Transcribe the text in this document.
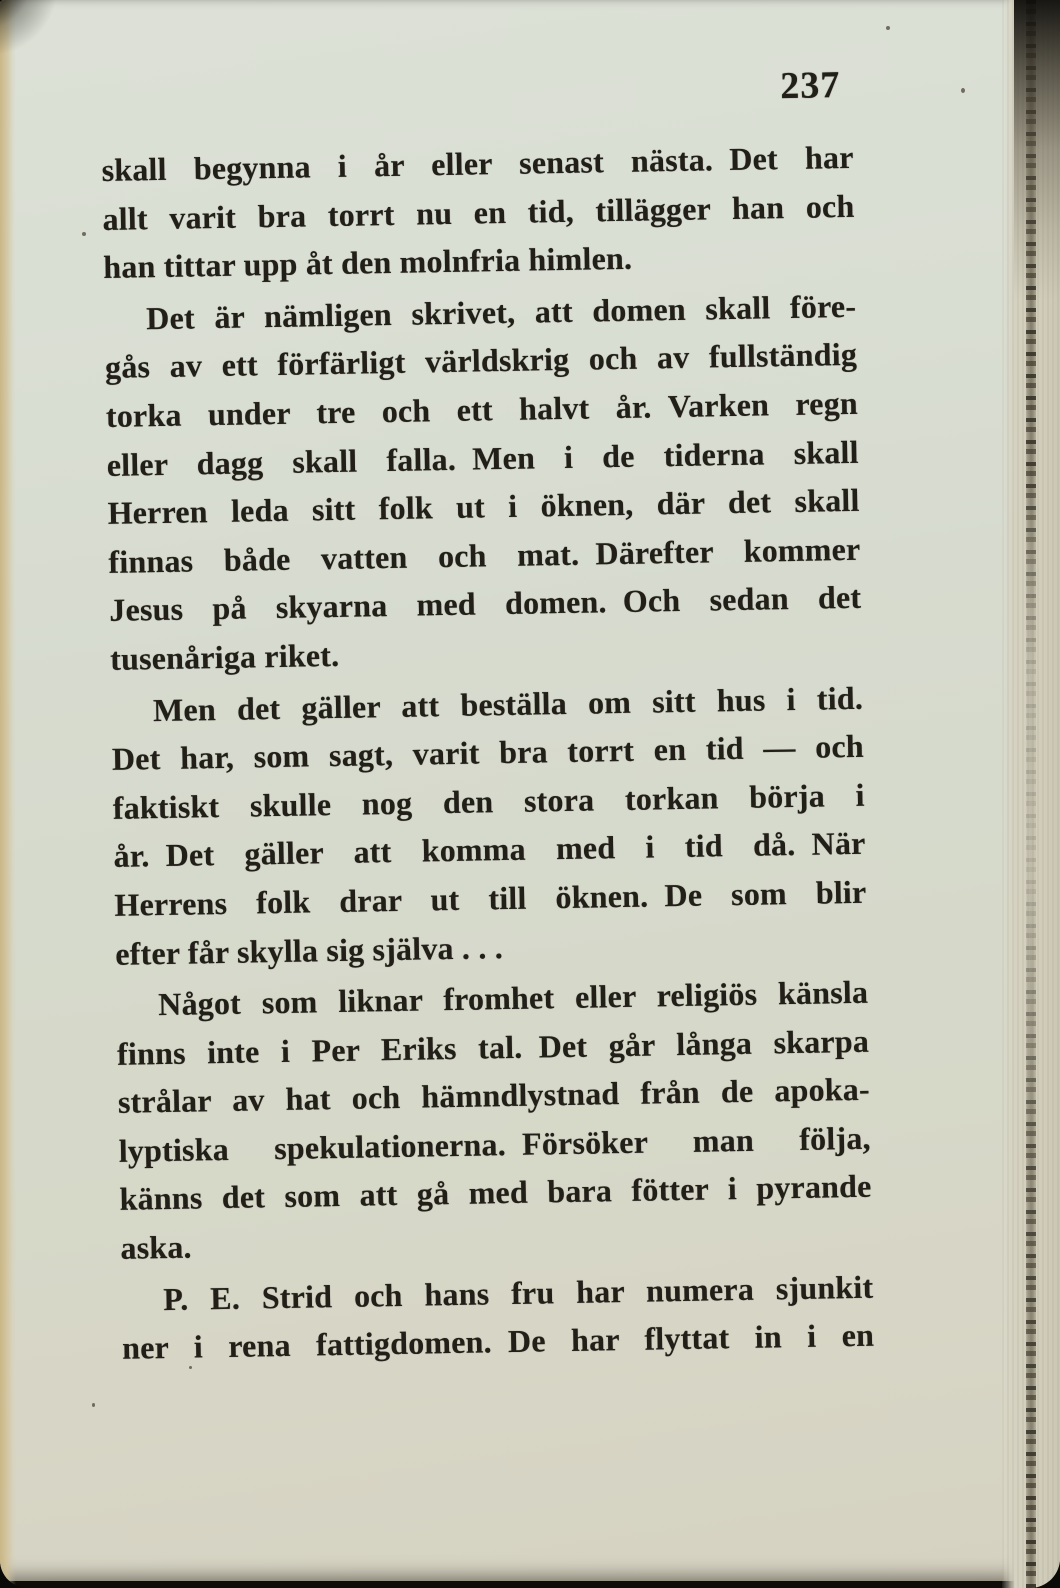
237
skall begynna i år eller senast nästa. Det har
allt varit bra torrt nu en tid, tillägger han och
han tittar upp åt den molnfria himlen.
Det är nämligen skrivet, att domen skall före-
gås av ett förfärligt världskrig och av fullständig
torka under tre och ett halvt år. Varken regn
eller dagg skall falla. Men i de tiderna skall
Herren leda sitt folk ut i öknen, där det skall
finnas både vatten och mat. Därefter kommer
Jesus på skyarna med domen. Och sedan det
tusenåriga riket.
Men det gäller att beställa om sitt hus i tid.
Det har, som sagt, varit bra torrt en tid — och
faktiskt skulle nog den stora torkan börja i
år. Det gäller att komma med i tid då. När
Herrens folk drar ut till öknen. De som blir
efter får skylla sig själva . . .
Något som liknar fromhet eller religiös känsla
finns inte i Per Eriks tal. Det går långa skarpa
strålar av hat och hämndlystnad från de apoka-
lyptiska spekulationerna. Försöker man följa,
känns det som att gå med bara fötter i pyrande
aska.
P. E. Strid och hans fru har numera sjunkit
ner i rena fattigdomen. De har flyttat in i en
